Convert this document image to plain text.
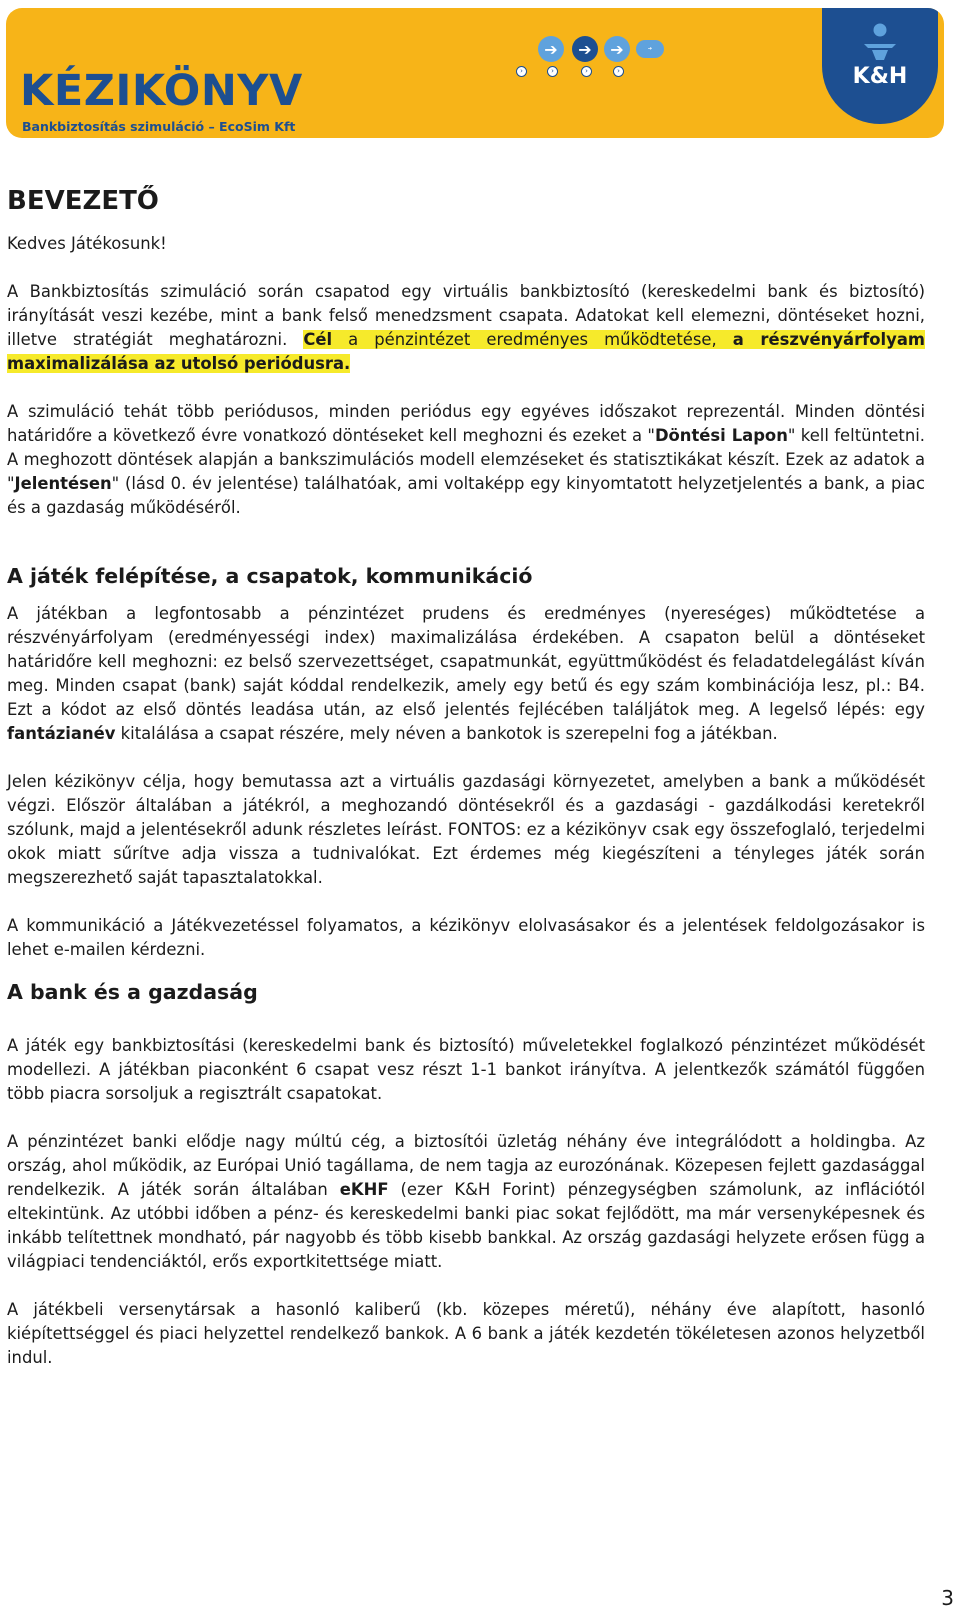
›
➔
›
➔
›
➔
›
➔
KÉZIKÖNYV
Bankbiztosítás szimuláció – EcoSim Kft
K&H
BEVEZETŐ

Kedves Játékosunk!

A Bankbiztosítás szimuláció során csapatod egy virtuális bankbiztosító (kereskedelmi bank és biztosító) irányítását veszi kezébe, mint a bank felső menedzsment csapata. Adatokat kell elemezni, döntéseket hozni, illetve stratégiát meghatározni. Cél a pénzintézet eredményes működtetése, a részvényárfolyam maximalizálása az utolsó periódusra.

A szimuláció tehát több periódusos, minden periódus egy egyéves időszakot reprezentál. Minden döntési határidőre a következő évre vonatkozó döntéseket kell meghozni és ezeket a "Döntési Lapon" kell feltüntetni. A meghozott döntések alapján a bankszimulációs modell elemzéseket és statisztikákat készít. Ezek az adatok a "Jelentésen" (lásd 0. év jelentése) találhatóak, ami voltaképp egy kinyomtatott helyzetjelentés a bank, a piac és a gazdaság működéséről.

A játék felépítése, a csapatok, kommunikáció

A játékban a legfontosabb a pénzintézet prudens és eredményes (nyereséges) működtetése a részvényárfolyam (eredményességi index) maximalizálása érdekében. A csapaton belül a döntéseket határidőre kell meghozni: ez belső szervezettséget, csapatmunkát, együttműködést és feladatdelegálást kíván meg. Minden csapat (bank) saját kóddal rendelkezik, amely egy betű és egy szám kombinációja lesz, pl.: B4. Ezt a kódot az első döntés leadása után, az első jelentés fejlécében találjátok meg. A legelső lépés: egy fantázianév kitalálása a csapat részére, mely néven a bankotok is szerepelni fog a játékban.

Jelen kézikönyv célja, hogy bemutassa azt a virtuális gazdasági környezetet, amelyben a bank a működését végzi. Először általában a játékról, a meghozandó döntésekről és a gazdasági - gazdálkodási keretekről szólunk, majd a jelentésekről adunk részletes leírást. FONTOS: ez a kézikönyv csak egy összefoglaló, terjedelmi okok miatt sűrítve adja vissza a tudnivalókat. Ezt érdemes még kiegészíteni a tényleges játék során megszerezhető saját tapasztalatokkal.

A kommunikáció a Játékvezetéssel folyamatos, a kézikönyv elolvasásakor és a jelentések feldolgozásakor is lehet e-mailen kérdezni.

A bank és a gazdaság

A játék egy bankbiztosítási (kereskedelmi bank és biztosító) műveletekkel foglalkozó pénzintézet működését modellezi. A játékban piaconként 6 csapat vesz részt 1-1 bankot irányítva. A jelentkezők számától függően több piacra sorsoljuk a regisztrált csapatokat.

A pénzintézet banki elődje nagy múltú cég, a biztosítói üzletág néhány éve integrálódott a holdingba. Az ország, ahol működik, az Európai Unió tagállama, de nem tagja az eurozónának. Közepesen fejlett gazdasággal rendelkezik. A játék során általában eKHF (ezer K&H Forint) pénzegységben számolunk, az inflációtól eltekintünk. Az utóbbi időben a pénz- és kereskedelmi banki piac sokat fejlődött, ma már versenyképesnek és inkább telítettnek mondható, pár nagyobb és több kisebb bankkal. Az ország gazdasági helyzete erősen függ a világpiaci tendenciáktól, erős exportkitettsége miatt.

A játékbeli versenytársak a hasonló kaliberű (kb. közepes méretű), néhány éve alapított, hasonló kiépítettséggel és piaci helyzettel rendelkező bankok. A 6 bank a játék kezdetén tökéletesen azonos helyzetből indul.

3
